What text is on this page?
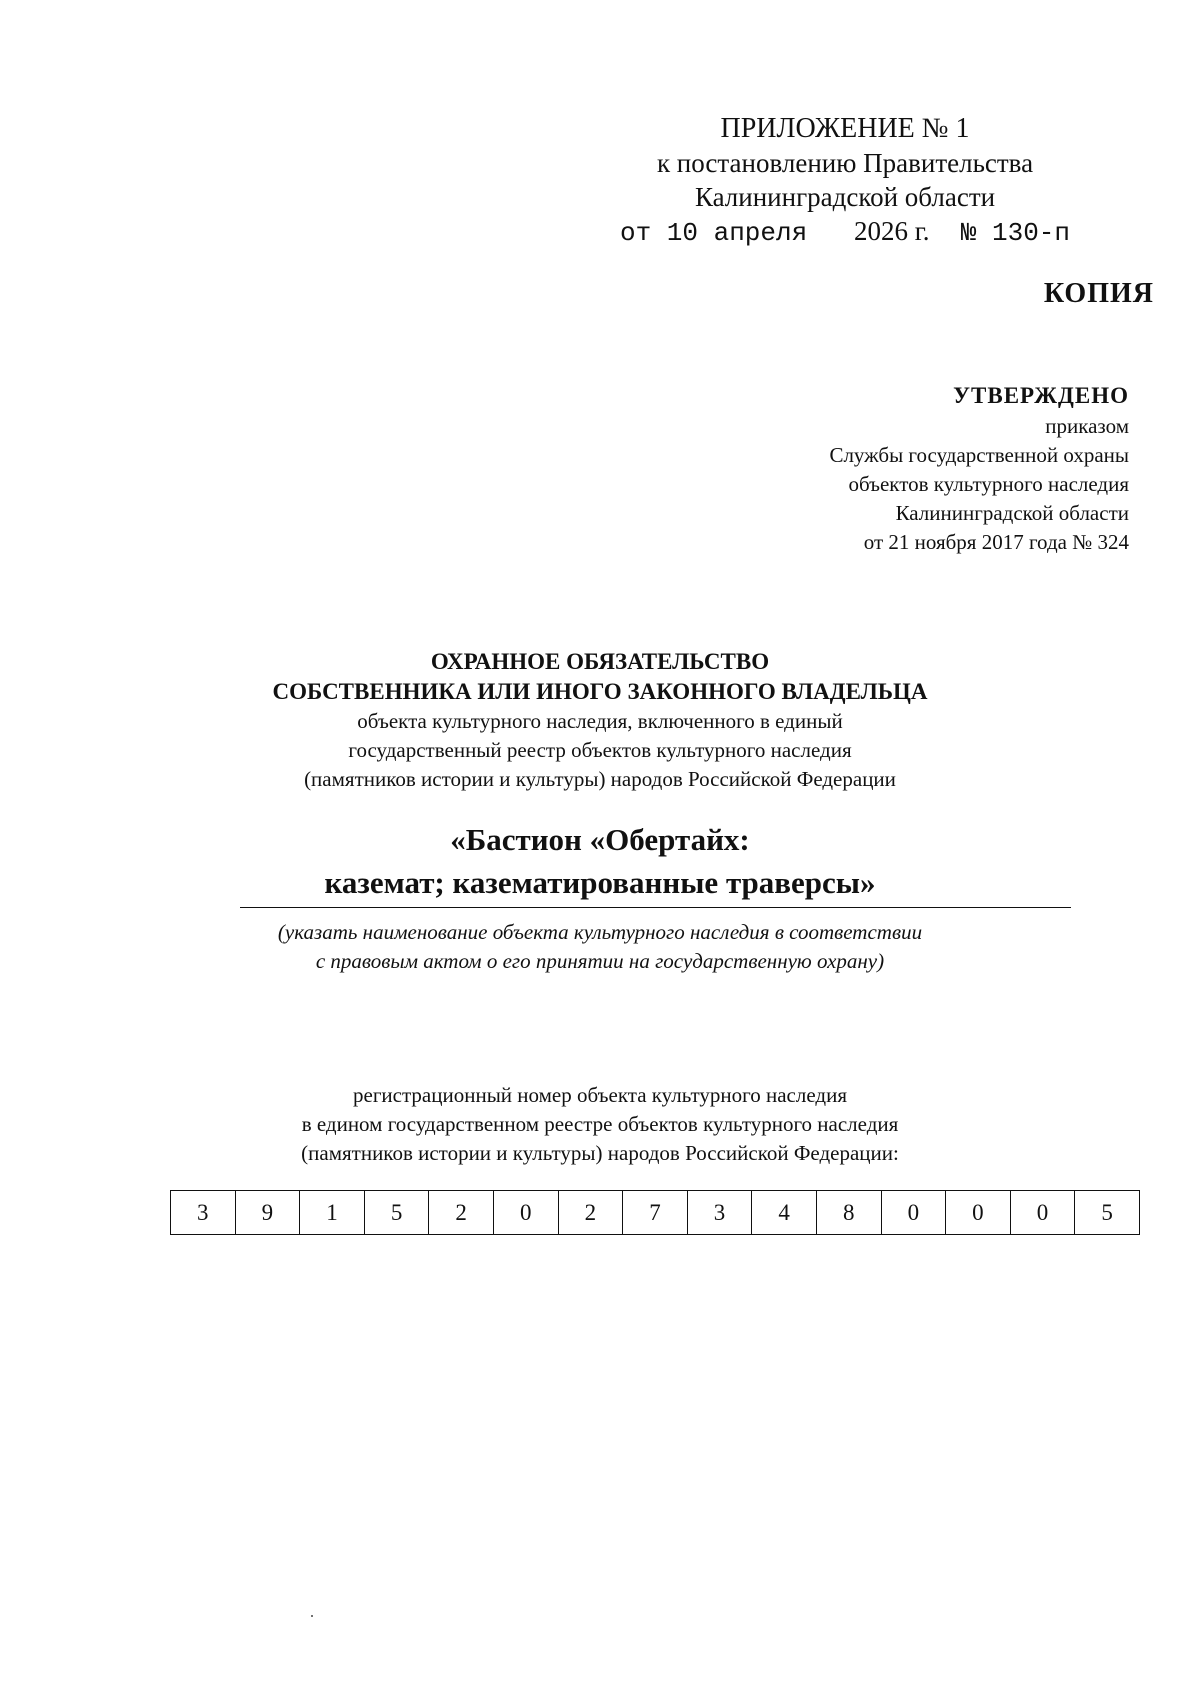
ПРИЛОЖЕНИЕ № 1
к постановлению Правительства
Калининградской области
от 10 апреля 2026 г. № 130-п
КОПИЯ
УТВЕРЖДЕНО
приказом
Службы государственной охраны
объектов культурного наследия
Калининградской области
от 21 ноября 2017 года № 324
ОХРАННОЕ ОБЯЗАТЕЛЬСТВО
СОБСТВЕННИКА ИЛИ ИНОГО ЗАКОННОГО ВЛАДЕЛЬЦА
объекта культурного наследия, включенного в единый
государственный реестр объектов культурного наследия
(памятников истории и культуры) народов Российской Федерации
«Бастион «Обертайх:
каземат; казематированные траверсы»
(указать наименование объекта культурного наследия в соответствии
с правовым актом о его принятии на государственную охрану)
регистрационный номер объекта культурного наследия
в едином государственном реестре объектов культурного наследия
(памятников истории и культуры) народов Российской Федерации:
3	9	1	5	2	0	2	7	3	4	8	0	0	0	5
